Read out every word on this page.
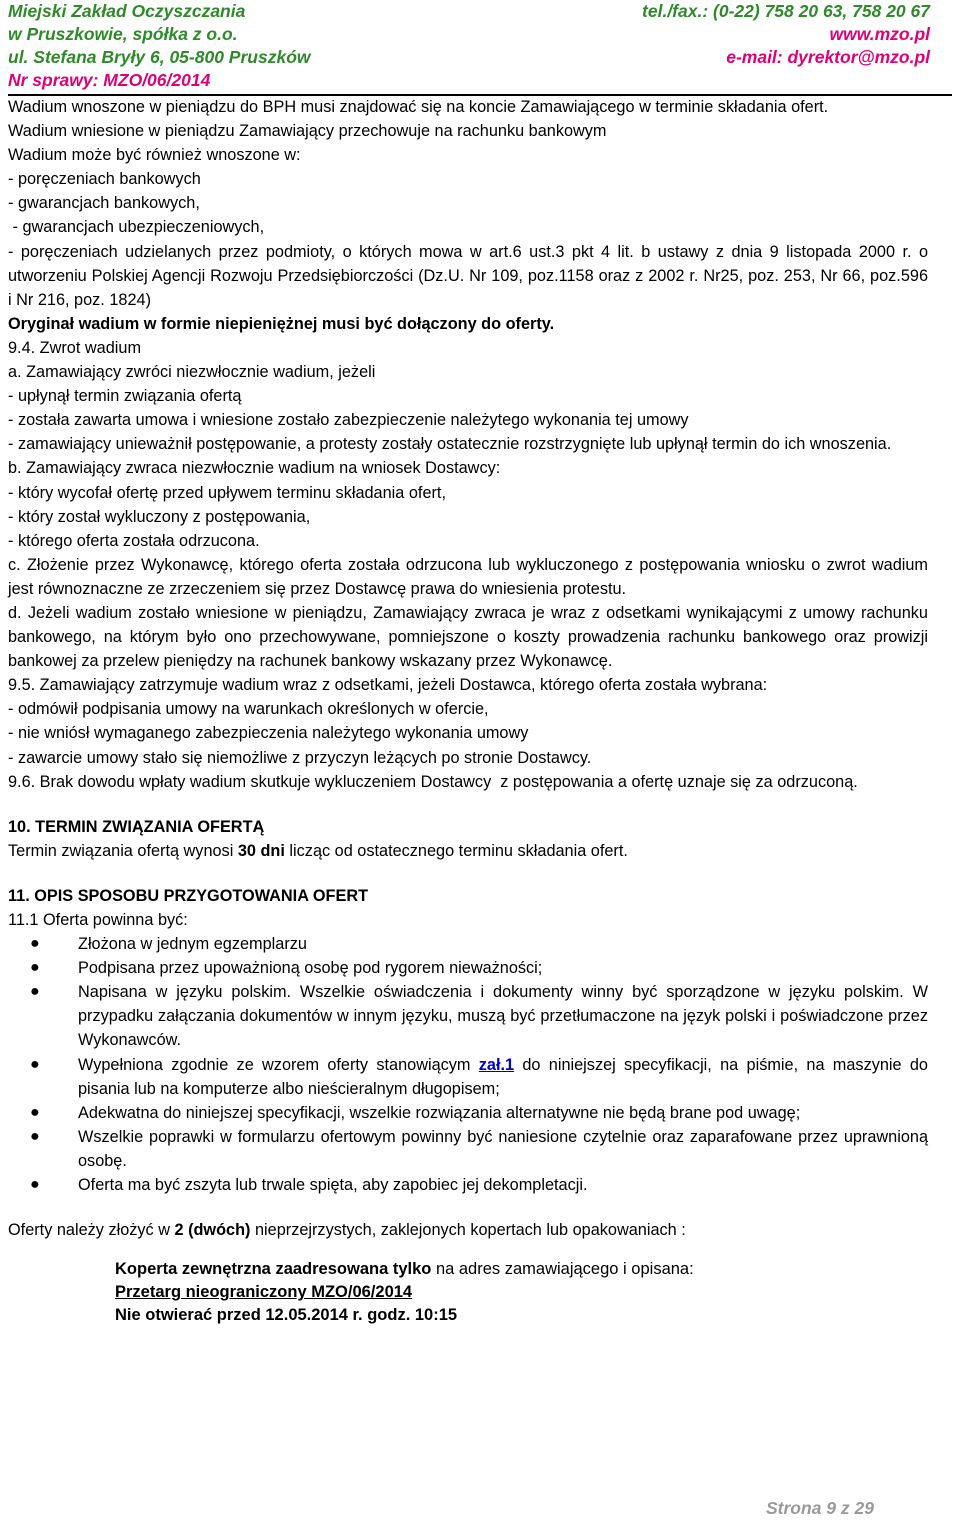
Miejski Zakład Oczyszczania	tel./fax.: (0-22) 758 20 63, 758 20 67
w Pruszkowie, spółka z o.o.	www.mzo.pl
ul. Stefana Bryły 6, 05-800 Pruszków	e-mail: dyrektor@mzo.pl
Nr sprawy: MZO/06/2014

Wadium wnoszone w pieniądzu do BPH musi znajdować się na koncie Zamawiającego w terminie składania ofert.

Wadium wniesione w pieniądzu Zamawiający przechowuje na rachunku bankowym

Wadium może być również wnoszone w:

- poręczeniach bankowych

- gwarancjach bankowych,

- gwarancjach ubezpieczeniowych,

- poręczeniach udzielanych przez podmioty, o których mowa w art.6 ust.3 pkt 4 lit. b ustawy z dnia 9 listopada 2000 r. o utworzeniu Polskiej Agencji Rozwoju Przedsiębiorczości (Dz.U. Nr 109, poz.1158 oraz z 2002 r. Nr25, poz. 253, Nr 66, poz.596 i Nr 216, poz. 1824)

Oryginał wadium w formie niepieniężnej musi być dołączony do oferty.

9.4. Zwrot wadium

a. Zamawiający zwróci niezwłocznie wadium, jeżeli

- upłynął termin związania ofertą

- została zawarta umowa i wniesione zostało zabezpieczenie należytego wykonania tej umowy

- zamawiający unieważnił postępowanie, a protesty zostały ostatecznie rozstrzygnięte lub upłynął termin do ich wnoszenia.

b. Zamawiający zwraca niezwłocznie wadium na wniosek Dostawcy:

- który wycofał ofertę przed upływem terminu składania ofert,

- który został wykluczony z postępowania,

- którego oferta została odrzucona.

c. Złożenie przez Wykonawcę, którego oferta została odrzucona lub wykluczonego z postępowania wniosku o zwrot wadium jest równoznaczne ze zrzeczeniem się przez Dostawcę prawa do wniesienia protestu.

d. Jeżeli wadium zostało wniesione w pieniądzu, Zamawiający zwraca je wraz z odsetkami wynikającymi z umowy rachunku bankowego, na którym było ono przechowywane, pomniejszone o koszty prowadzenia rachunku bankowego oraz prowizji bankowej za przelew pieniędzy na rachunek bankowy wskazany przez Wykonawcę.

9.5. Zamawiający zatrzymuje wadium wraz z odsetkami, jeżeli Dostawca, którego oferta została wybrana:

- odmówił podpisania umowy na warunkach określonych w ofercie,

- nie wniósł wymaganego zabezpieczenia należytego wykonania umowy

- zawarcie umowy stało się niemożliwe z przyczyn leżących po stronie Dostawcy.

9.6. Brak dowodu wpłaty wadium skutkuje wykluczeniem Dostawcy  z postępowania a ofertę uznaje się za odrzuconą.

10. TERMIN ZWIĄZANIA OFERTĄ

Termin związania ofertą wynosi 30 dni licząc od ostatecznego terminu składania ofert.

11. OPIS SPOSOBU PRZYGOTOWANIA OFERT

11.1 Oferta powinna być:

● Złożona w jednym egzemplarzu
● Podpisana przez upoważnioną osobę pod rygorem nieważności;
● Napisana w języku polskim. Wszelkie oświadczenia i dokumenty winny być sporządzone w języku polskim. W przypadku załączania dokumentów w innym języku, muszą być przetłumaczone na język polski i poświadczone przez Wykonawców.
● Wypełniona zgodnie ze wzorem oferty stanowiącym zał.1 do niniejszej specyfikacji, na piśmie, na maszynie do pisania lub na komputerze albo nieścieralnym długopisem;
● Adekwatna do niniejszej specyfikacji, wszelkie rozwiązania alternatywne nie będą brane pod uwagę;
● Wszelkie poprawki w formularzu ofertowym powinny być naniesione czytelnie oraz zaparafowane przez uprawnioną osobę.
● Oferta ma być zszyta lub trwale spięta, aby zapobiec jej dekompletacji.

Oferty należy złożyć w 2 (dwóch) nieprzejrzystych, zaklejonych kopertach lub opakowaniach :

Koperta zewnętrzna zaadresowana tylko na adres zamawiającego i opisana:
Przetarg nieograniczony MZO/06/2014
Nie otwierać przed 12.05.2014 r. godz. 10:15
Strona 9 z 29
